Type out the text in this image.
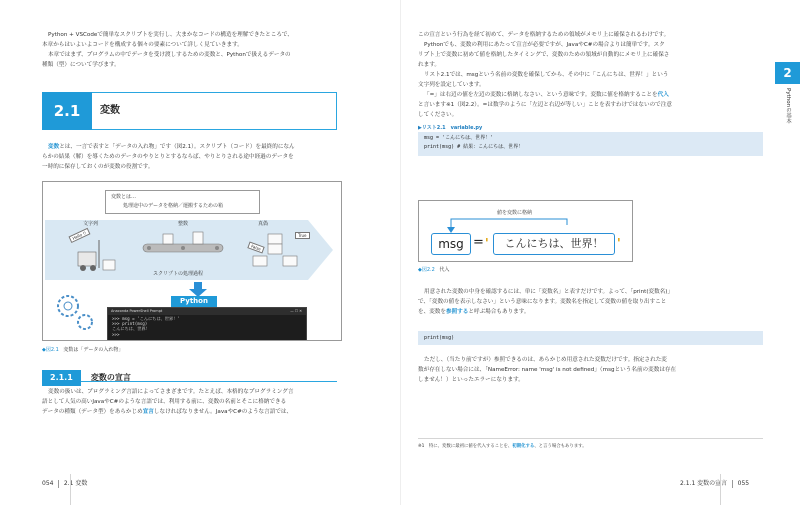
Python + VSCodeで簡単なスクリプトを実行し、大まかなコードの構造を理解できたところで、

本章からはいよいよコードを構成する個々の要素について詳しく見ていきます。

本章ではまず、プログラムの中でデータを受け渡しするための変数と、Pythonで扱えるデータの

種類（型）について学びます。

2.1	変数

変数とは、一言で表すと「データの入れ物」です（図2.1）。スクリプト（コード）を最終的になん

らかの結果（解）を導くためのデータのやりとりとするならば、やりとりされる途中経過のデータを

一時的に保存しておくのが変数の役割です。

変数とは…
処理途中のデータを格納／運搬するための箱
文字列	整数	真偽
Hello !!	True
False
スクリプトの処理過程
Python
Anaconda PowerShell Prompt	— ☐ ✕
>>> msg = 'こんにちは、世界！'
>>> print(msg)
こんにちは、世界！
>>>
◆図2.1 変数は「データの入れ物」
2.1.1 変数の宣言

変数の扱いは、プログラミング言語によってさまざまです。たとえば、本格的なプログラミング言

語として人気の高いJavaやC#のような言語では、利用する前に、変数の名前とそこに格納できる

データの種類（データ型）をあらかじめ宣言しなければなりません。JavaやC#のような言語では、

054 2.1 変数

この宣言という行為を経て初めて、データを格納するための領域がメモリ上に確保されるわけです。

Pythonでも、変数の利用にあたって宣言が必要ですが、JavaやC#の場合よりは簡単です。スク

リプト上で変数に初めて値を格納したタイミングで、変数のための領域が自動的にメモリ上に確保さ

れます。

リスト2.1では、msgという名前の変数を確保してから、その中に「こんにちは、世界！」という

文字列を設定しています。

「=」は右辺の値を左辺の変数に格納しなさい、という意味です。変数に値を格納することを代入

と言います※1（図2.2）。=は数学のように「左辺と右辺が等しい」ことを表すわけではないので注意

してください。

▶リスト2.1　variable.py
msg = 'こんにちは、世界！'
print(msg) # 結果：こんにちは、世界！
値を変数に格納
msg = '	こんにちは、世界！	'
◆図2.2 代入

用意された変数の中身を確認するには、単に「変数名」と表すだけです。よって、「print(変数名)」

で、「変数の値を表示しなさい」という意味になります。変数名を指定して変数の値を取り出すこと

を、変数を参照すると呼ぶ場合もあります。

print(msg)

ただし、（当たり前ですが）参照できるのは、あらかじめ用意された変数だけです。指定された変

数が存在しない場合には、「NameError: name 'msg' is not defined」（msgという名前の変数は存在

しません！）といったエラーになります。

※1　特に、変数に最初に値を代入することを、初期化する、と言う場合もあります。
2.1.1 変数の宣言 055
2
Pythonの基本
